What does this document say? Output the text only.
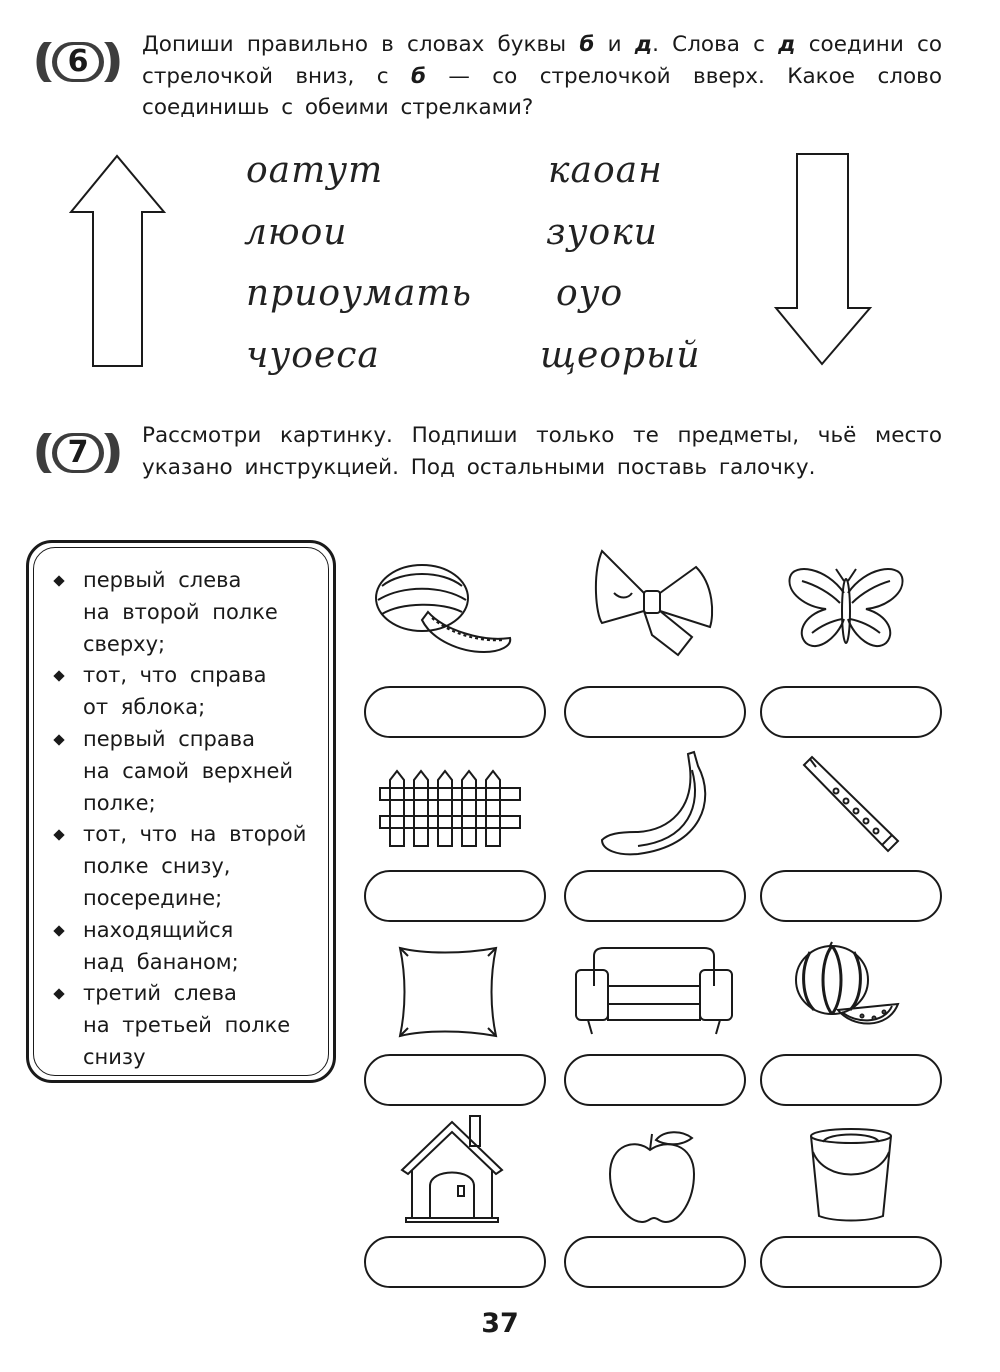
6	Допиши правильно в словах буквы б и д. Слова с д соедини со стрелочкой вниз, с б — со стрелочкой вверх. Какое слово соединишь с обеими стрелками?
оатут
люои
приоумать
чуоеса
каоан
зуоки
оуо
щеорый
7	Рассмотри картинку. Подпиши только те предметы, чьё место указано инструкцией. Под остальными поставь галочку.
первый слева
на второй полке
сверху;
тот, что справа
от яблока;
первый справа
на самой верхней
полке;
тот, что на второй
полке снизу,
посередине;
находящийся
над бананом;
третий слева
на третьей полке
снизу
37
